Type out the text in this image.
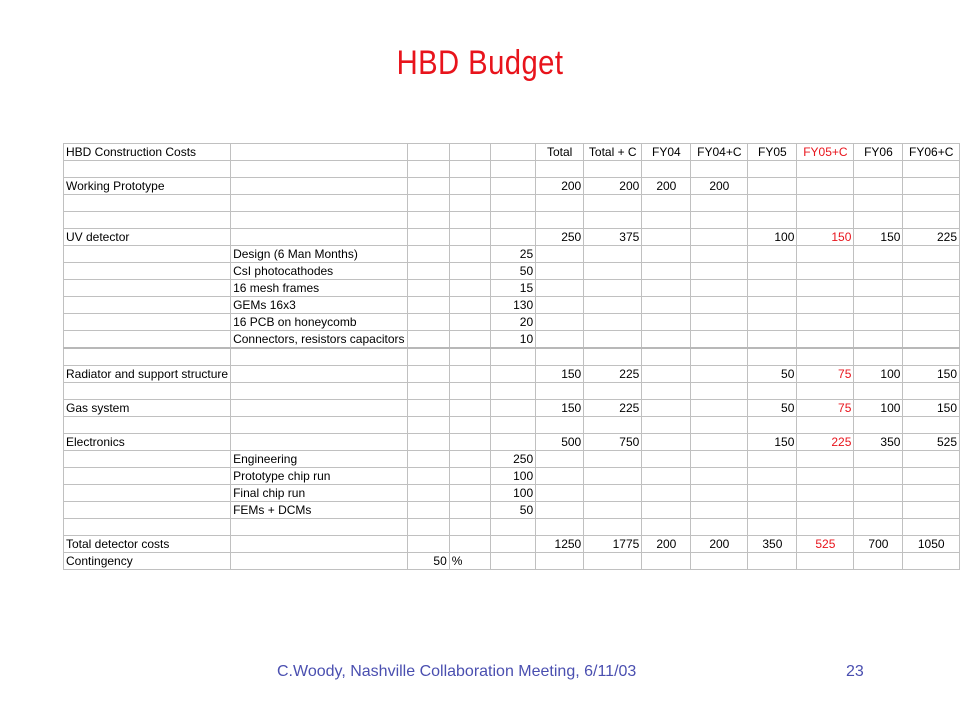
HBD Budget
HBD Construction Costs					Total	Total + C	FY04	FY04+C	FY05	FY05+C	FY06	FY06+C

Working Prototype					200	200	200	200				

UV detector					250	375			100	150	150	225
	Design (6 Man Months)			25								
	CsI photocathodes			50								
	16 mesh frames			15								
	GEMs 16x3			130								
	16 PCB on honeycomb			20								
	Connectors, resistors capacitors			10								

Radiator and support structure					150	225			50	75	100	150

Gas system					150	225			50	75	100	150

Electronics					500	750			150	225	350	525
	Engineering			250								
	Prototype chip run			100								
	Final chip run			100								
	FEMs + DCMs			50								

Total detector costs					1250	1775	200	200	350	525	700	1050
Contingency		50	%									
C.Woody, Nashville Collaboration Meeting, 6/11/03	23
